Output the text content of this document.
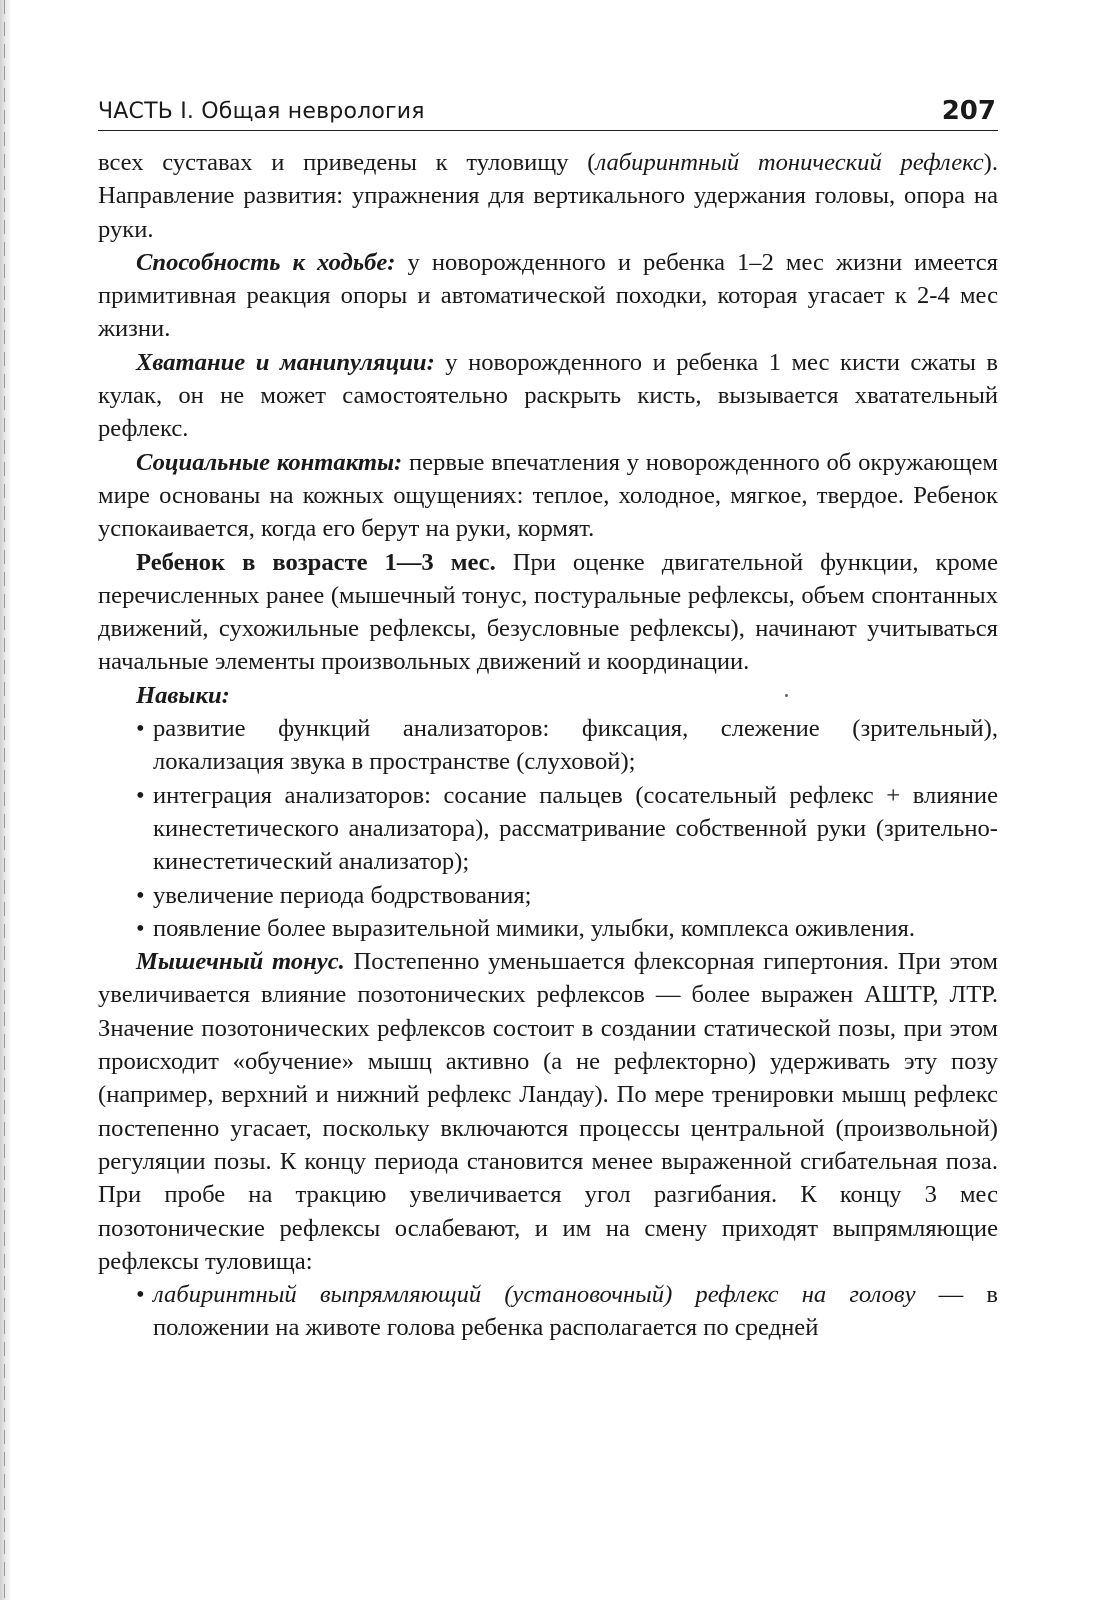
ЧАСТЬ I. Общая неврология	207

всех суставах и приведены к туловищу (лабиринтный тонический рефлекс). Направление развития: упражнения для вертикального удержания головы, опора на руки.

Способность к ходьбе: у новорожденного и ребенка 1–2 мес жизни имеется примитивная реакция опоры и автоматической походки, которая угасает к 2-4 мес жизни.

Хватание и манипуляции: у новорожденного и ребенка 1 мес кисти сжаты в кулак, он не может самостоятельно раскрыть кисть, вызывается хватательный рефлекс.

Социальные контакты: первые впечатления у новорожденного об окружающем мире основаны на кожных ощущениях: теплое, холодное, мягкое, твердое. Ребенок успокаивается, когда его берут на руки, кормят.

Ребенок в возрасте 1—3 мес. При оценке двигательной функции, кроме перечисленных ранее (мышечный тонус, постуральные рефлексы, объем спонтанных движений, сухожильные рефлексы, безусловные рефлексы), начинают учитываться начальные элементы произвольных движений и координации.

Навыки:
• развитие функций анализаторов: фиксация, слежение (зрительный), локализация звука в пространстве (слуховой);
• интеграция анализаторов: сосание пальцев (сосательный рефлекс + влияние кинестетического анализатора), рассматривание собственной руки (зрительно-кинестетический анализатор);
• увеличение периода бодрствования;
• появление более выразительной мимики, улыбки, комплекса оживления.

Мышечный тонус. Постепенно уменьшается флексорная гипертония. При этом увеличивается влияние позотонических рефлексов — более выражен АШТР, ЛТР. Значение позотонических рефлексов состоит в создании статической позы, при этом происходит «обучение» мышц активно (а не рефлекторно) удерживать эту позу (например, верхний и нижний рефлекс Ландау). По мере тренировки мышц рефлекс постепенно угасает, поскольку включаются процессы центральной (произвольной) регуляции позы. К концу периода становится менее выраженной сгибательная поза. При пробе на тракцию увеличивается угол разгибания. К концу 3 мес позотонические рефлексы ослабевают, и им на смену приходят выпрямляющие рефлексы туловища:

• лабиринтный выпрямляющий (установочный) рефлекс на голову — в положении на животе голова ребенка располагается по средней
